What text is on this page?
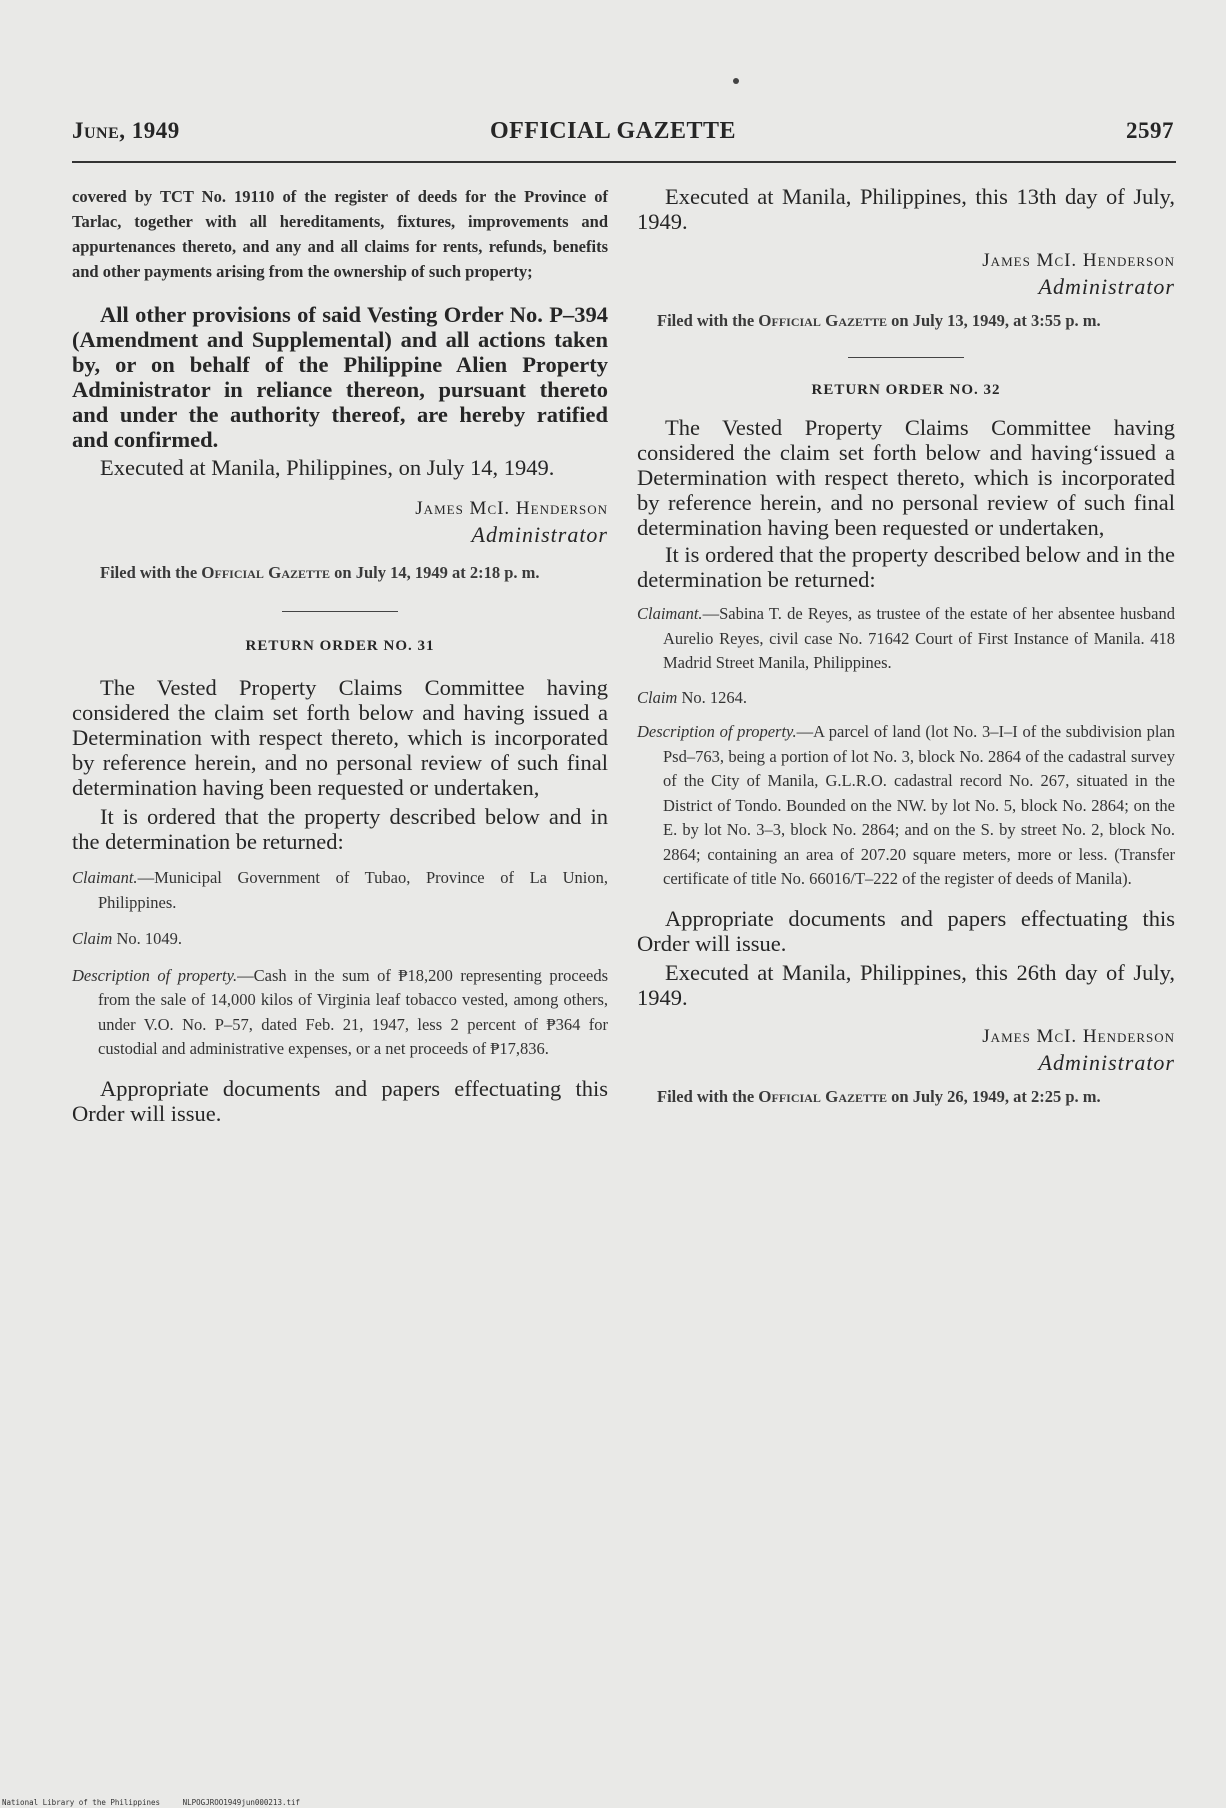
OFFICIAL GAZETTE
June, 1949	2597

covered by TCT No. 19110 of the register of deeds for the Province of Tarlac, together with all hereditaments, fixtures, improvements and appurtenances thereto, and any and all claims for rents, refunds, benefits and other payments arising from the ownership of such property;

All other provisions of said Vesting Order No. P–394 (Amendment and Supplemental) and all actions taken by, or on behalf of the Philippine Alien Property Administrator in reliance thereon, pursuant thereto and under the authority thereof, are hereby ratified and confirmed.

Executed at Manila, Philippines, on July 14, 1949.

James McI. Henderson
Administrator

Filed with the Official Gazette on July 14, 1949 at 2:18 p. m.

RETURN ORDER NO. 31

The Vested Property Claims Committee having considered the claim set forth below and having issued a Determination with respect thereto, which is incorporated by reference herein, and no personal review of such final determination having been requested or undertaken,

It is ordered that the property described below and in the determination be returned:

Claimant.—Municipal Government of Tubao, Province of La Union, Philippines.

Claim No. 1049.

Description of property.—Cash in the sum of ₱18,200 representing proceeds from the sale of 14,000 kilos of Virginia leaf tobacco vested, among others, under V.O. No. P–57, dated Feb. 21, 1947, less 2 percent of ₱364 for custodial and administrative expenses, or a net proceeds of ₱17,836.

Appropriate documents and papers effectuating this Order will issue.

Executed at Manila, Philippines, this 13th day of July, 1949.

James McI. Henderson
Administrator

Filed with the Official Gazette on July 13, 1949, at 3:55 p. m.

RETURN ORDER NO. 32

The Vested Property Claims Committee having considered the claim set forth below and having‘issued a Determination with respect thereto, which is incorporated by reference herein, and no personal review of such final determination having been requested or undertaken,

It is ordered that the property described below and in the determination be returned:

Claimant.—Sabina T. de Reyes, as trustee of the estate of her absentee husband Aurelio Reyes, civil case No. 71642 Court of First Instance of Manila. 418 Madrid Street Manila, Philippines.

Claim No. 1264.

Description of property.—A parcel of land (lot No. 3–I–I of the subdivision plan Psd–763, being a portion of lot No. 3, block No. 2864 of the cadastral survey of the City of Manila, G.L.R.O. cadastral record No. 267, situated in the District of Tondo. Bounded on the NW. by lot No. 5, block No. 2864; on the E. by lot No. 3–3, block No. 2864; and on the S. by street No. 2, block No. 2864; containing an area of 207.20 square meters, more or less. (Transfer certificate of title No. 66016/T–222 of the register of deeds of Manila).

Appropriate documents and papers effectuating this Order will issue.

Executed at Manila, Philippines, this 26th day of July, 1949.

James McI. Henderson
Administrator

Filed with the Official Gazette on July 26, 1949, at 2:25 p. m.

National Library of the Philippines	NLPOGJROO1949jun000213.tif
